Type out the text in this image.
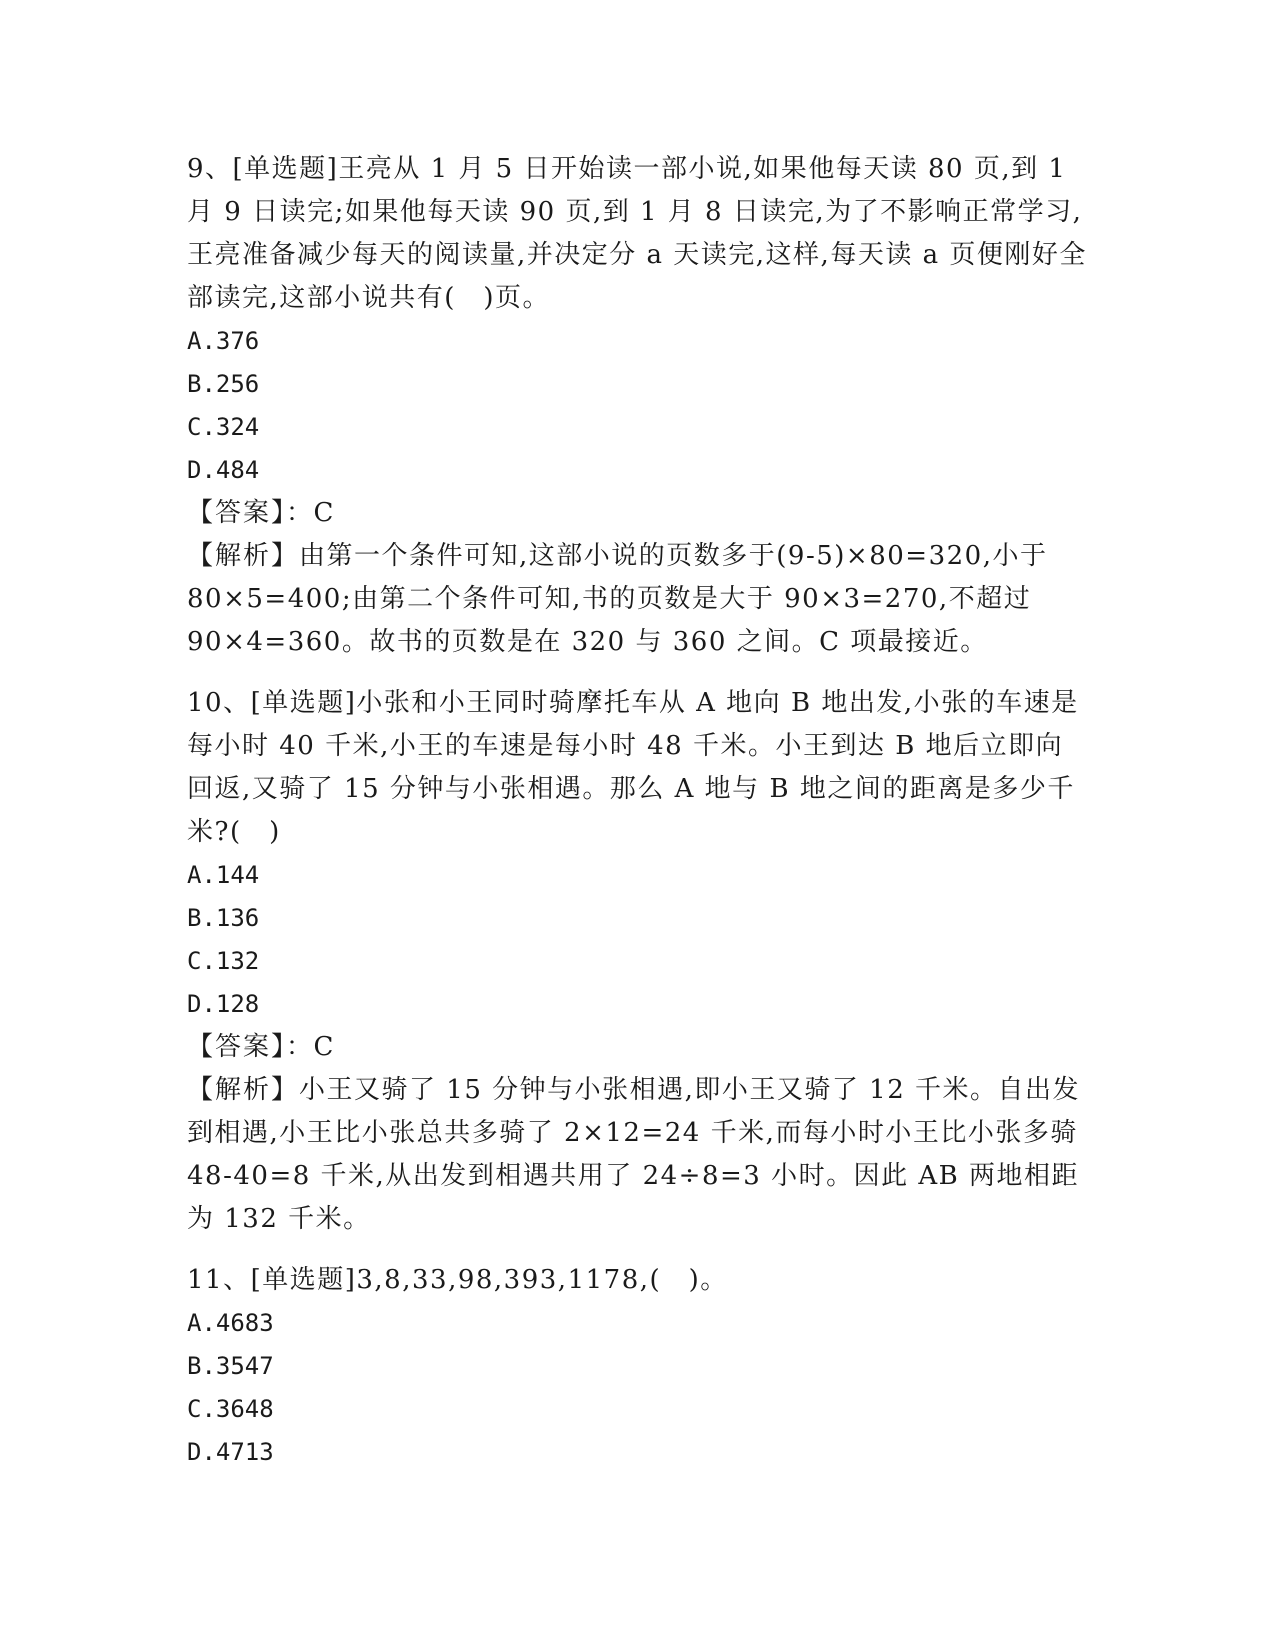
9、[单选题]王亮从 1 月 5 日开始读一部小说,如果他每天读 80 页,到 1 月 9 日读完;如果他每天读 90 页,到 1 月 8 日读完,为了不影响正常学习,王亮准备减少每天的阅读量,并决定分 a 天读完,这样,每天读 a 页便刚好全部读完,这部小说共有(　)页。

A.376

B.256

C.324

D.484

【答案】：C

【解析】由第一个条件可知,这部小说的页数多于(9-5)×80=320,小于 80×5=400;由第二个条件可知,书的页数是大于 90×3=270,不超过 90×4=360。故书的页数是在 320 与 360 之间。C 项最接近。

10、[单选题]小张和小王同时骑摩托车从 A 地向 B 地出发,小张的车速是每小时 40 千米,小王的车速是每小时 48 千米。小王到达 B 地后立即向回返,又骑了 15 分钟与小张相遇。那么 A 地与 B 地之间的距离是多少千米?(　)

A.144

B.136

C.132

D.128

【答案】：C

【解析】小王又骑了 15 分钟与小张相遇,即小王又骑了 12 千米。自出发到相遇,小王比小张总共多骑了 2×12=24 千米,而每小时小王比小张多骑 48-40=8 千米,从出发到相遇共用了 24÷8=3 小时。因此 AB 两地相距为 132 千米。

11、[单选题]3,8,33,98,393,1178,(　)。

A.4683

B.3547

C.3648

D.4713
